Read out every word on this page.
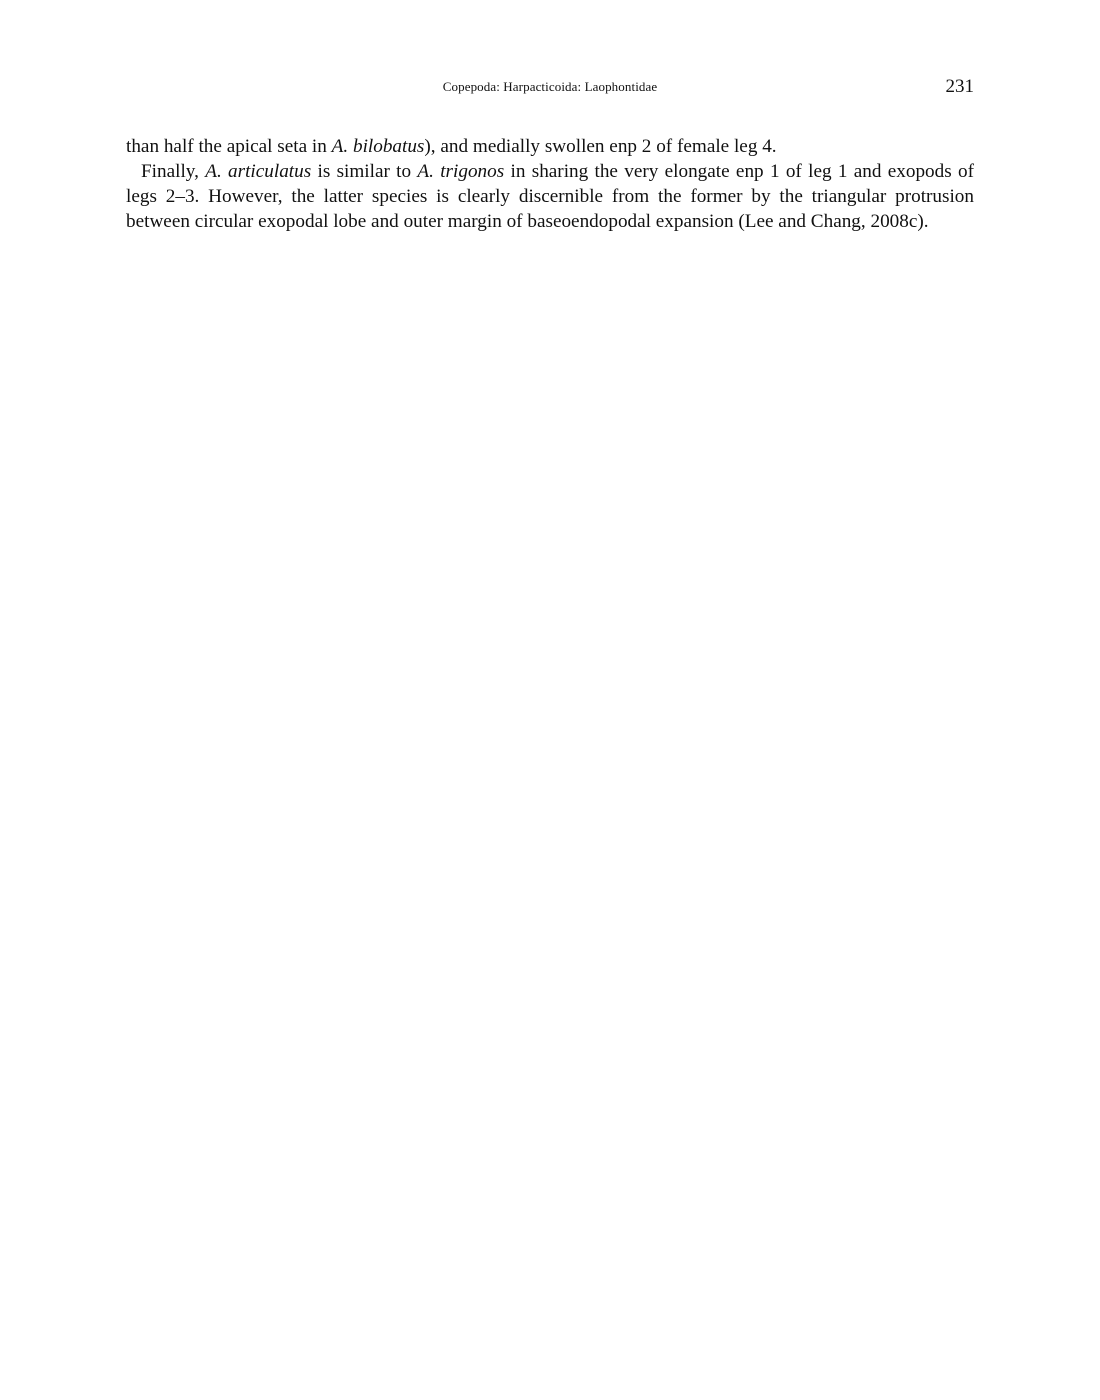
Copepoda: Harpacticoida: Laophontidae	231

than half the apical seta in A. bilobatus), and medially swollen enp 2 of female leg 4.

Finally, A. articulatus is similar to A. trigonos in sharing the very elongate enp 1 of leg 1 and exopods of legs 2–3. However, the latter species is clearly discernible from the former by the triangular protrusion between circular exopodal lobe and outer margin of baseoendopodal expansion (Lee and Chang, 2008c).
